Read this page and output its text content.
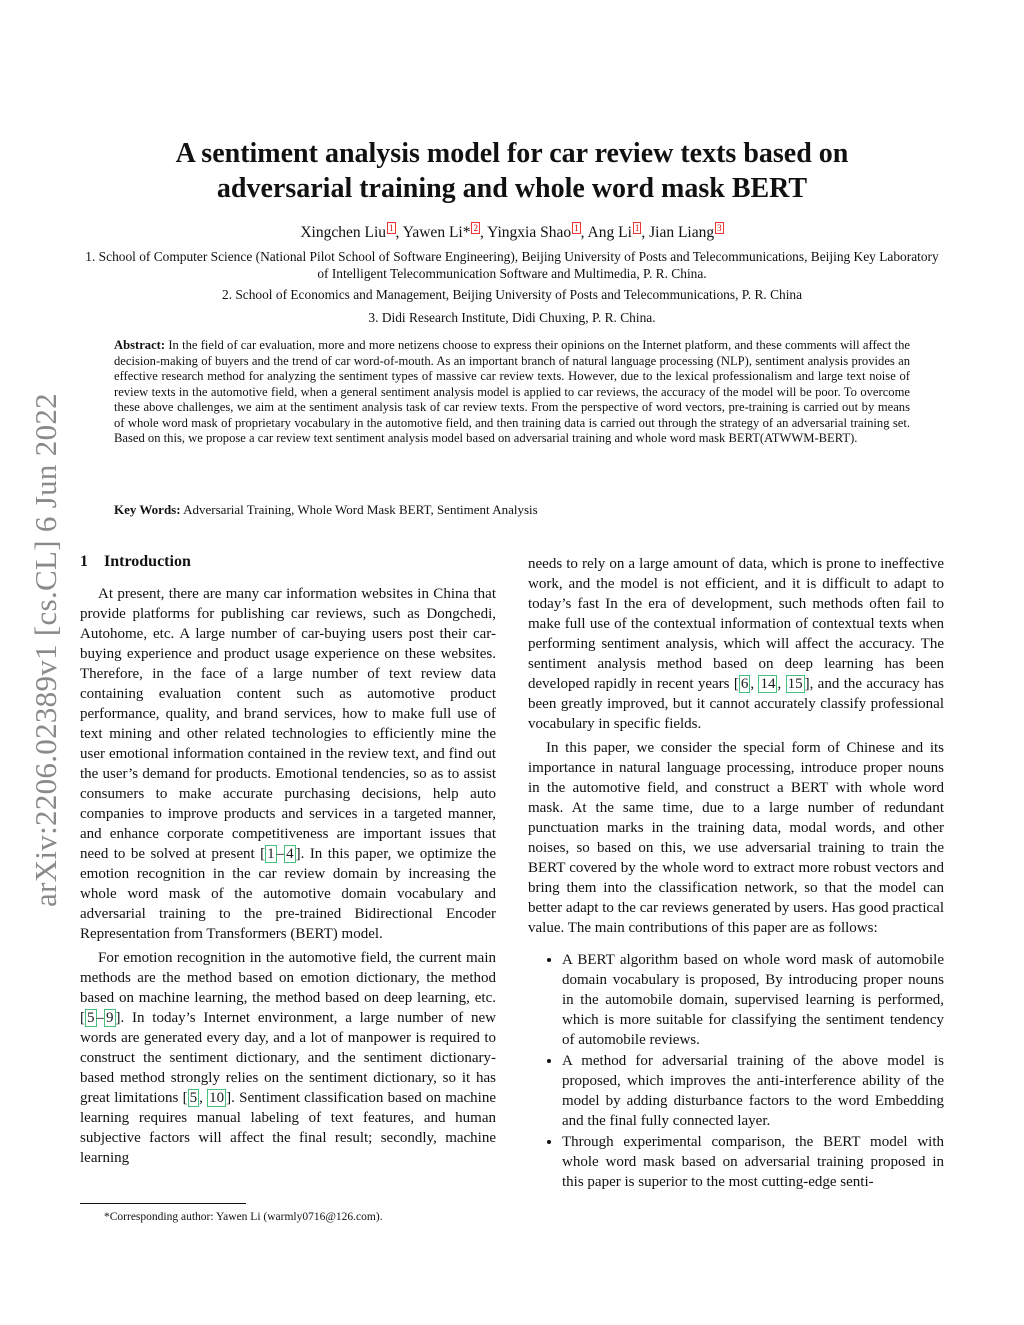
arXiv:2206.02389v1 [cs.CL] 6 Jun 2022
A sentiment analysis model for car review texts based on adversarial training and whole word mask BERT
Xingchen Liu $^1$ , Yawen Li* $^2$ , Yingxia Shao $^1$ , Ang Li $^1$ , Jian Liang $^3$
1. School of Computer Science (National Pilot School of Software Engineering), Beijing University of Posts and Telecommunications, Beijing Key Laboratory of Intelligent Telecommunication Software and Multimedia, P. R. China.
2. School of Economics and Management, Beijing University of Posts and Telecommunications, P. R. China
3. Didi Research Institute, Didi Chuxing, P. R. China.
Abstract: In the field of car evaluation, more and more netizens choose to express their opinions on the Internet platform, and these comments will affect the decision-making of buyers and the trend of car word-of-mouth. As an important branch of natural language processing (NLP), sentiment analysis provides an effective research method for analyzing the sentiment types of massive car review texts. However, due to the lexical professionalism and large text noise of review texts in the automotive field, when a general sentiment analysis model is applied to car reviews, the accuracy of the model will be poor. To overcome these above challenges, we aim at the sentiment analysis task of car review texts. From the perspective of word vectors, pre-training is carried out by means of whole word mask of proprietary vocabulary in the automotive field, and then training data is carried out through the strategy of an adversarial training set. Based on this, we propose a car review text sentiment analysis model based on adversarial training and whole word mask BERT(ATWWM-BERT).
Key Words: Adversarial Training, Whole Word Mask BERT, Sentiment Analysis
1 Introduction

At present, there are many car information websites in China that provide platforms for publishing car reviews, such as Dongchedi, Autohome, etc. A large number of car-buying users post their car-buying experience and product usage experience on these websites. Therefore, in the face of a large number of text review data containing evaluation content such as automotive product performance, quality, and brand services, how to make full use of text mining and other related technologies to efficiently mine the user emotional information contained in the review text, and find out the user’s demand for products. Emotional tendencies, so as to assist consumers to make accurate purchasing decisions, help auto companies to improve products and services in a targeted manner, and enhance corporate competitiveness are important issues that need to be solved at present [ 1 – 4 ]. In this paper, we optimize the emotion recognition in the car review domain by increasing the whole word mask of the automotive domain vocabulary and adversarial training to the pre-trained Bidirectional Encoder Representation from Transformers (BERT) model.

For emotion recognition in the automotive field, the current main methods are the method based on emotion dictionary, the method based on machine learning, the method based on deep learning, etc.[ 5 – 9 ]. In today’s Internet environment, a large number of new words are generated every day, and a lot of manpower is required to construct the sentiment dictionary, and the sentiment dictionary-based method strongly relies on the sentiment dictionary, so it has great limitations [ 5 , 10 ]. Sentiment classification based on machine learning requires manual labeling of text features, and human subjective factors will affect the final result; secondly, machine learning

needs to rely on a large amount of data, which is prone to ineffective work, and the model is not efficient, and it is difficult to adapt to today’s fast In the era of development, such methods often fail to make full use of the contextual information of contextual texts when performing sentiment analysis, which will affect the accuracy. The sentiment analysis method based on deep learning has been developed rapidly in recent years [ 6 , 14 , 15 ], and the accuracy has been greatly improved, but it cannot accurately classify professional vocabulary in specific fields.

In this paper, we consider the special form of Chinese and its importance in natural language processing, introduce proper nouns in the automotive field, and construct a BERT with whole word mask. At the same time, due to a large number of redundant punctuation marks in the training data, modal words, and other noises, so based on this, we use adversarial training to train the BERT covered by the whole word to extract more robust vectors and bring them into the classification network, so that the model can better adapt to the car reviews generated by users. Has good practical value. The main contributions of this paper are as follows:

• A BERT algorithm based on whole word mask of automobile domain vocabulary is proposed, By introducing proper nouns in the automobile domain, supervised learning is performed, which is more suitable for classifying the sentiment tendency of automobile reviews.
• A method for adversarial training of the above model is proposed, which improves the anti-interference ability of the model by adding disturbance factors to the word Embedding and the final fully connected layer.
• Through experimental comparison, the BERT model with whole word mask based on adversarial training proposed in this paper is superior to the most cutting-edge senti-
*Corresponding author: Yawen Li (warmly0716@126.com).
